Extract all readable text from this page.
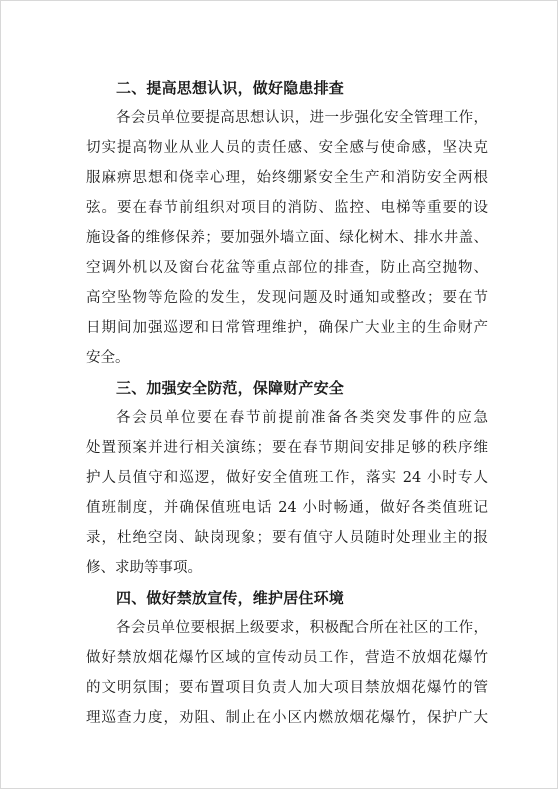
二、提高思想认识，做好隐患排查
各会员单位要提高思想认识，进一步强化安全管理工作，
切实提高物业从业人员的责任感、安全感与使命感，坚决克
服麻痹思想和侥幸心理，始终绷紧安全生产和消防安全两根
弦。要在春节前组织对项目的消防、监控、电梯等重要的设
施设备的维修保养；要加强外墙立面、绿化树木、排水井盖、
空调外机以及窗台花盆等重点部位的排查，防止高空抛物、
高空坠物等危险的发生，发现问题及时通知或整改；要在节
日期间加强巡逻和日常管理维护，确保广大业主的生命财产
安全。
三、加强安全防范，保障财产安全
各会员单位要在春节前提前准备各类突发事件的应急
处置预案并进行相关演练；要在春节期间安排足够的秩序维
护人员值守和巡逻，做好安全值班工作，落实 24 小时专人
值班制度，并确保值班电话 24 小时畅通，做好各类值班记
录，杜绝空岗、缺岗现象；要有值守人员随时处理业主的报
修、求助等事项。
四、做好禁放宣传，维护居住环境
各会员单位要根据上级要求，积极配合所在社区的工作，
做好禁放烟花爆竹区域的宣传动员工作，营造不放烟花爆竹
的文明氛围；要布置项目负责人加大项目禁放烟花爆竹的管
理巡查力度，劝阻、制止在小区内燃放烟花爆竹，保护广大
